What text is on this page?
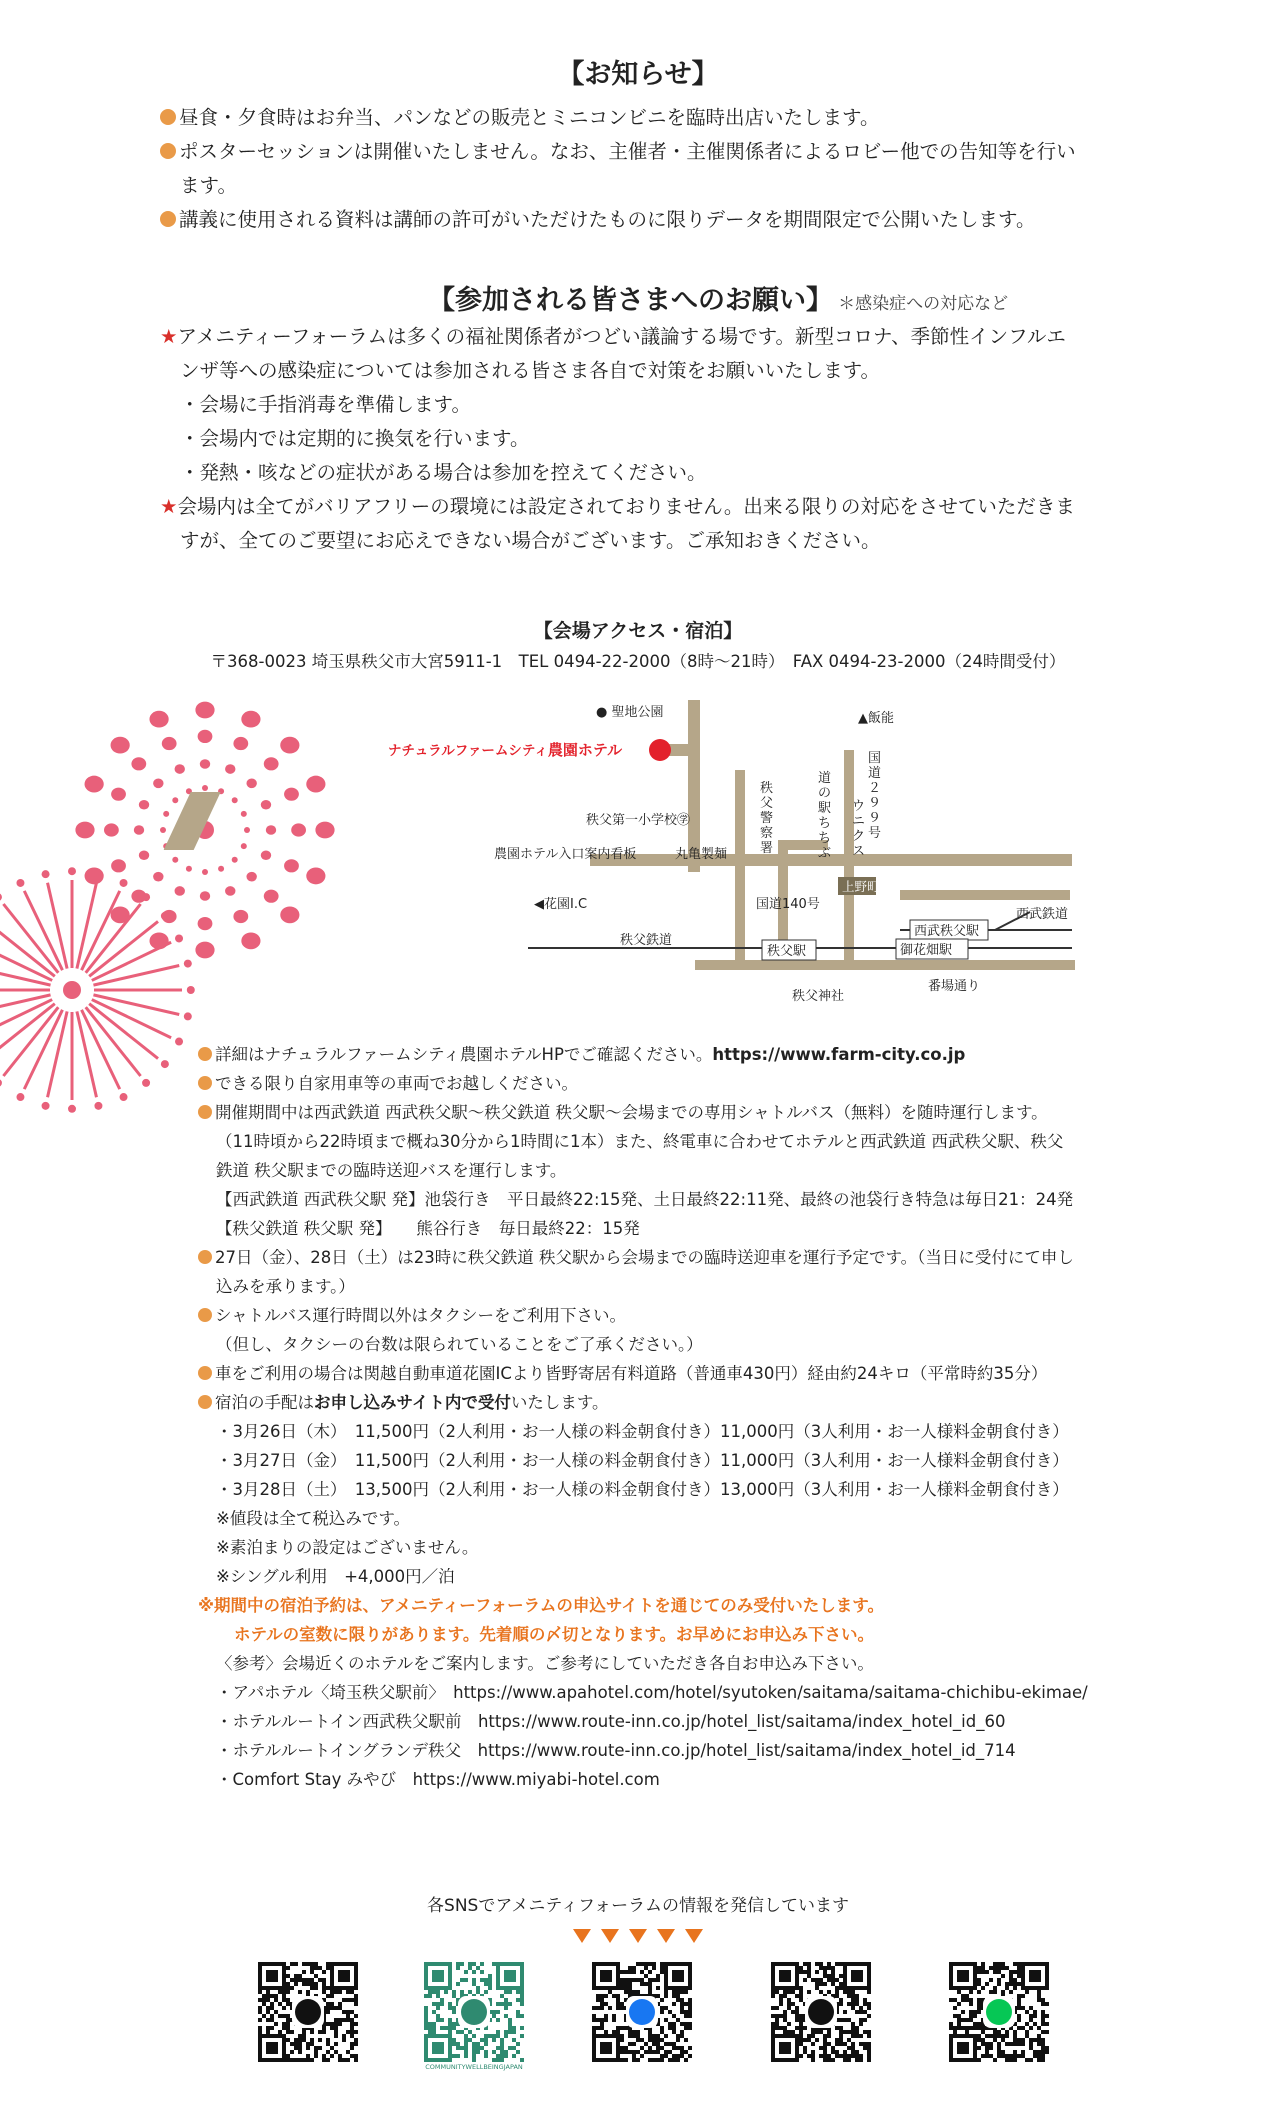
【お知らせ】
昼食・夕食時はお弁当、パンなどの販売とミニコンビニを臨時出店いたします。
ポスターセッションは開催いたしません。なお、主催者・主催関係者によるロビー他での告知等を行い
ます。
講義に使用される資料は講師の許可がいただけたものに限りデータを期間限定で公開いたします。
【参加される皆さまへのお願い】 ＊感染症への対応など
★アメニティーフォーラムは多くの福祉関係者がつどい議論する場です。新型コロナ、季節性インフルエ
ンザ等への感染症については参加される皆さま各自で対策をお願いいたします。
・会場に手指消毒を準備します。
・会場内では定期的に換気を行います。
・発熱・咳などの症状がある場合は参加を控えてください。
★会場内は全てがバリアフリーの環境には設定されておりません。出来る限りの対応をさせていただきま
すが、全てのご要望にお応えできない場合がございます。ご承知おきください。
【会場アクセス・宿泊】
〒368-0023 埼玉県秩父市大宮5911-1　TEL 0494-22-2000（8時〜21時）　FAX 0494-23-2000（24時間受付）
● 聖地公園
ナチュラルファームシティ農園ホテル
▲飯能
秩父第一小学校㊫
農園ホテル入口案内看板	丸亀製麺
◀花園I.C	国道140号
上野町
秩父鉄道
秩父駅
西武秩父駅
西武鉄道
御花畑駅
番場通り
秩父神社
国道２９９号
道の駅ちちぶ
秩父警察署
ウニクス
詳細はナチュラルファームシティ農園ホテルHPでご確認ください。https://www.farm-city.co.jp
できる限り自家用車等の車両でお越しください。
開催期間中は西武鉄道 西武秩父駅〜秩父鉄道 秩父駅〜会場までの専用シャトルバス（無料）を随時運行します。
（11時頃から22時頃まで概ね30分から1時間に1本）また、終電車に合わせてホテルと西武鉄道 西武秩父駅、秩父
鉄道 秩父駅までの臨時送迎バスを運行します。
【西武鉄道 西武秩父駅 発】池袋行き　平日最終22:15発、土日最終22:11発、最終の池袋行き特急は毎日21：24発
【秩父鉄道 秩父駅 発】　　熊谷行き　毎日最終22：15発
27日（金）、28日（土）は23時に秩父鉄道 秩父駅から会場までの臨時送迎車を運行予定です。（当日に受付にて申し
込みを承ります。）
シャトルバス運行時間以外はタクシーをご利用下さい。
（但し、タクシーの台数は限られていることをご了承ください。）
車をご利用の場合は関越自動車道花園ICより皆野寄居有料道路（普通車430円）経由約24キロ（平常時約35分）
宿泊の手配はお申し込みサイト内で受付いたします。
・3月26日（木）　11,500円（2人利用・お一人様の料金朝食付き）11,000円（3人利用・お一人様料金朝食付き）
・3月27日（金）　11,500円（2人利用・お一人様の料金朝食付き）11,000円（3人利用・お一人様料金朝食付き）
・3月28日（土）　13,500円（2人利用・お一人様の料金朝食付き）13,000円（3人利用・お一人様料金朝食付き）
※値段は全て税込みです。
※素泊まりの設定はございません。
※シングル利用　+4,000円／泊
※期間中の宿泊予約は、アメニティーフォーラムの申込サイトを通じてのみ受付いたします。
ホテルの室数に限りがあります。先着順の〆切となります。お早めにお申込み下さい。
〈参考〉会場近くのホテルをご案内します。ご参考にしていただき各自お申込み下さい。
・アパホテル〈埼玉秩父駅前〉　https://www.apahotel.com/hotel/syutoken/saitama/saitama-chichibu-ekimae/
・ホテルルートイン西武秩父駅前　https://www.route-inn.co.jp/hotel_list/saitama/index_hotel_id_60
・ホテルルートイングランデ秩父　https://www.route-inn.co.jp/hotel_list/saitama/index_hotel_id_714
・Comfort Stay みやび　https://www.miyabi-hotel.com
各SNSでアメニティフォーラムの情報を発信しています
COMMUNITYWELLBEINGJAPAN
